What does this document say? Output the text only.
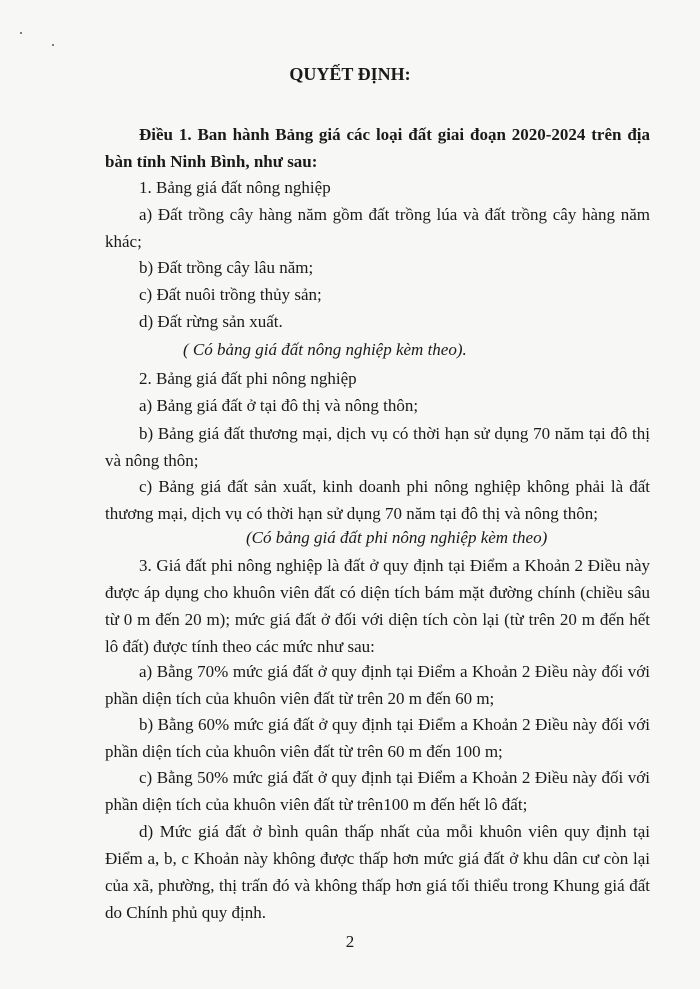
QUYẾT ĐỊNH:
Điều 1. Ban hành Bảng giá các loại đất giai đoạn 2020-2024 trên địa bàn tỉnh Ninh Bình, như sau:
1. Bảng giá đất nông nghiệp
a) Đất trồng cây hàng năm gồm đất trồng lúa và đất trồng cây hàng năm khác;
b) Đất trồng cây lâu năm;
c) Đất nuôi trồng thủy sản;
d) Đất rừng sản xuất.
( Có bảng giá đất nông nghiệp kèm theo).
2. Bảng giá đất phi nông nghiệp
a) Bảng giá đất ở tại đô thị và nông thôn;
b) Bảng giá đất thương mại, dịch vụ có thời hạn sử dụng 70 năm tại đô thị và nông thôn;
c) Bảng giá đất sản xuất, kinh doanh phi nông nghiệp không phải là đất thương mại, dịch vụ có thời hạn sử dụng 70 năm tại đô thị và nông thôn;
(Có bảng giá đất phi nông nghiệp kèm theo)
3. Giá đất phi nông nghiệp là đất ở quy định tại Điểm a Khoản 2 Điều này được áp dụng cho khuôn viên đất có diện tích bám mặt đường chính (chiều sâu từ 0 m đến 20 m); mức giá đất ở đối với diện tích còn lại (từ trên 20 m đến hết lô đất) được tính theo các mức như sau:
a) Bằng 70% mức giá đất ở quy định tại Điểm a Khoản 2 Điều này đối với phần diện tích của khuôn viên đất từ trên 20 m đến 60 m;
b) Bằng 60% mức giá đất ở quy định tại Điểm a Khoản 2 Điều này đối với phần diện tích của khuôn viên đất từ trên 60 m đến 100 m;
c) Bằng 50% mức giá đất ở quy định tại Điểm a Khoản 2 Điều này đối với phần diện tích của khuôn viên đất từ trên100 m đến hết lô đất;
d) Mức giá đất ở bình quân thấp nhất của mỗi khuôn viên quy định tại Điểm a, b, c Khoản này không được thấp hơn mức giá đất ở khu dân cư còn lại của xã, phường, thị trấn đó và không thấp hơn giá tối thiểu trong Khung giá đất do Chính phủ quy định.
2
